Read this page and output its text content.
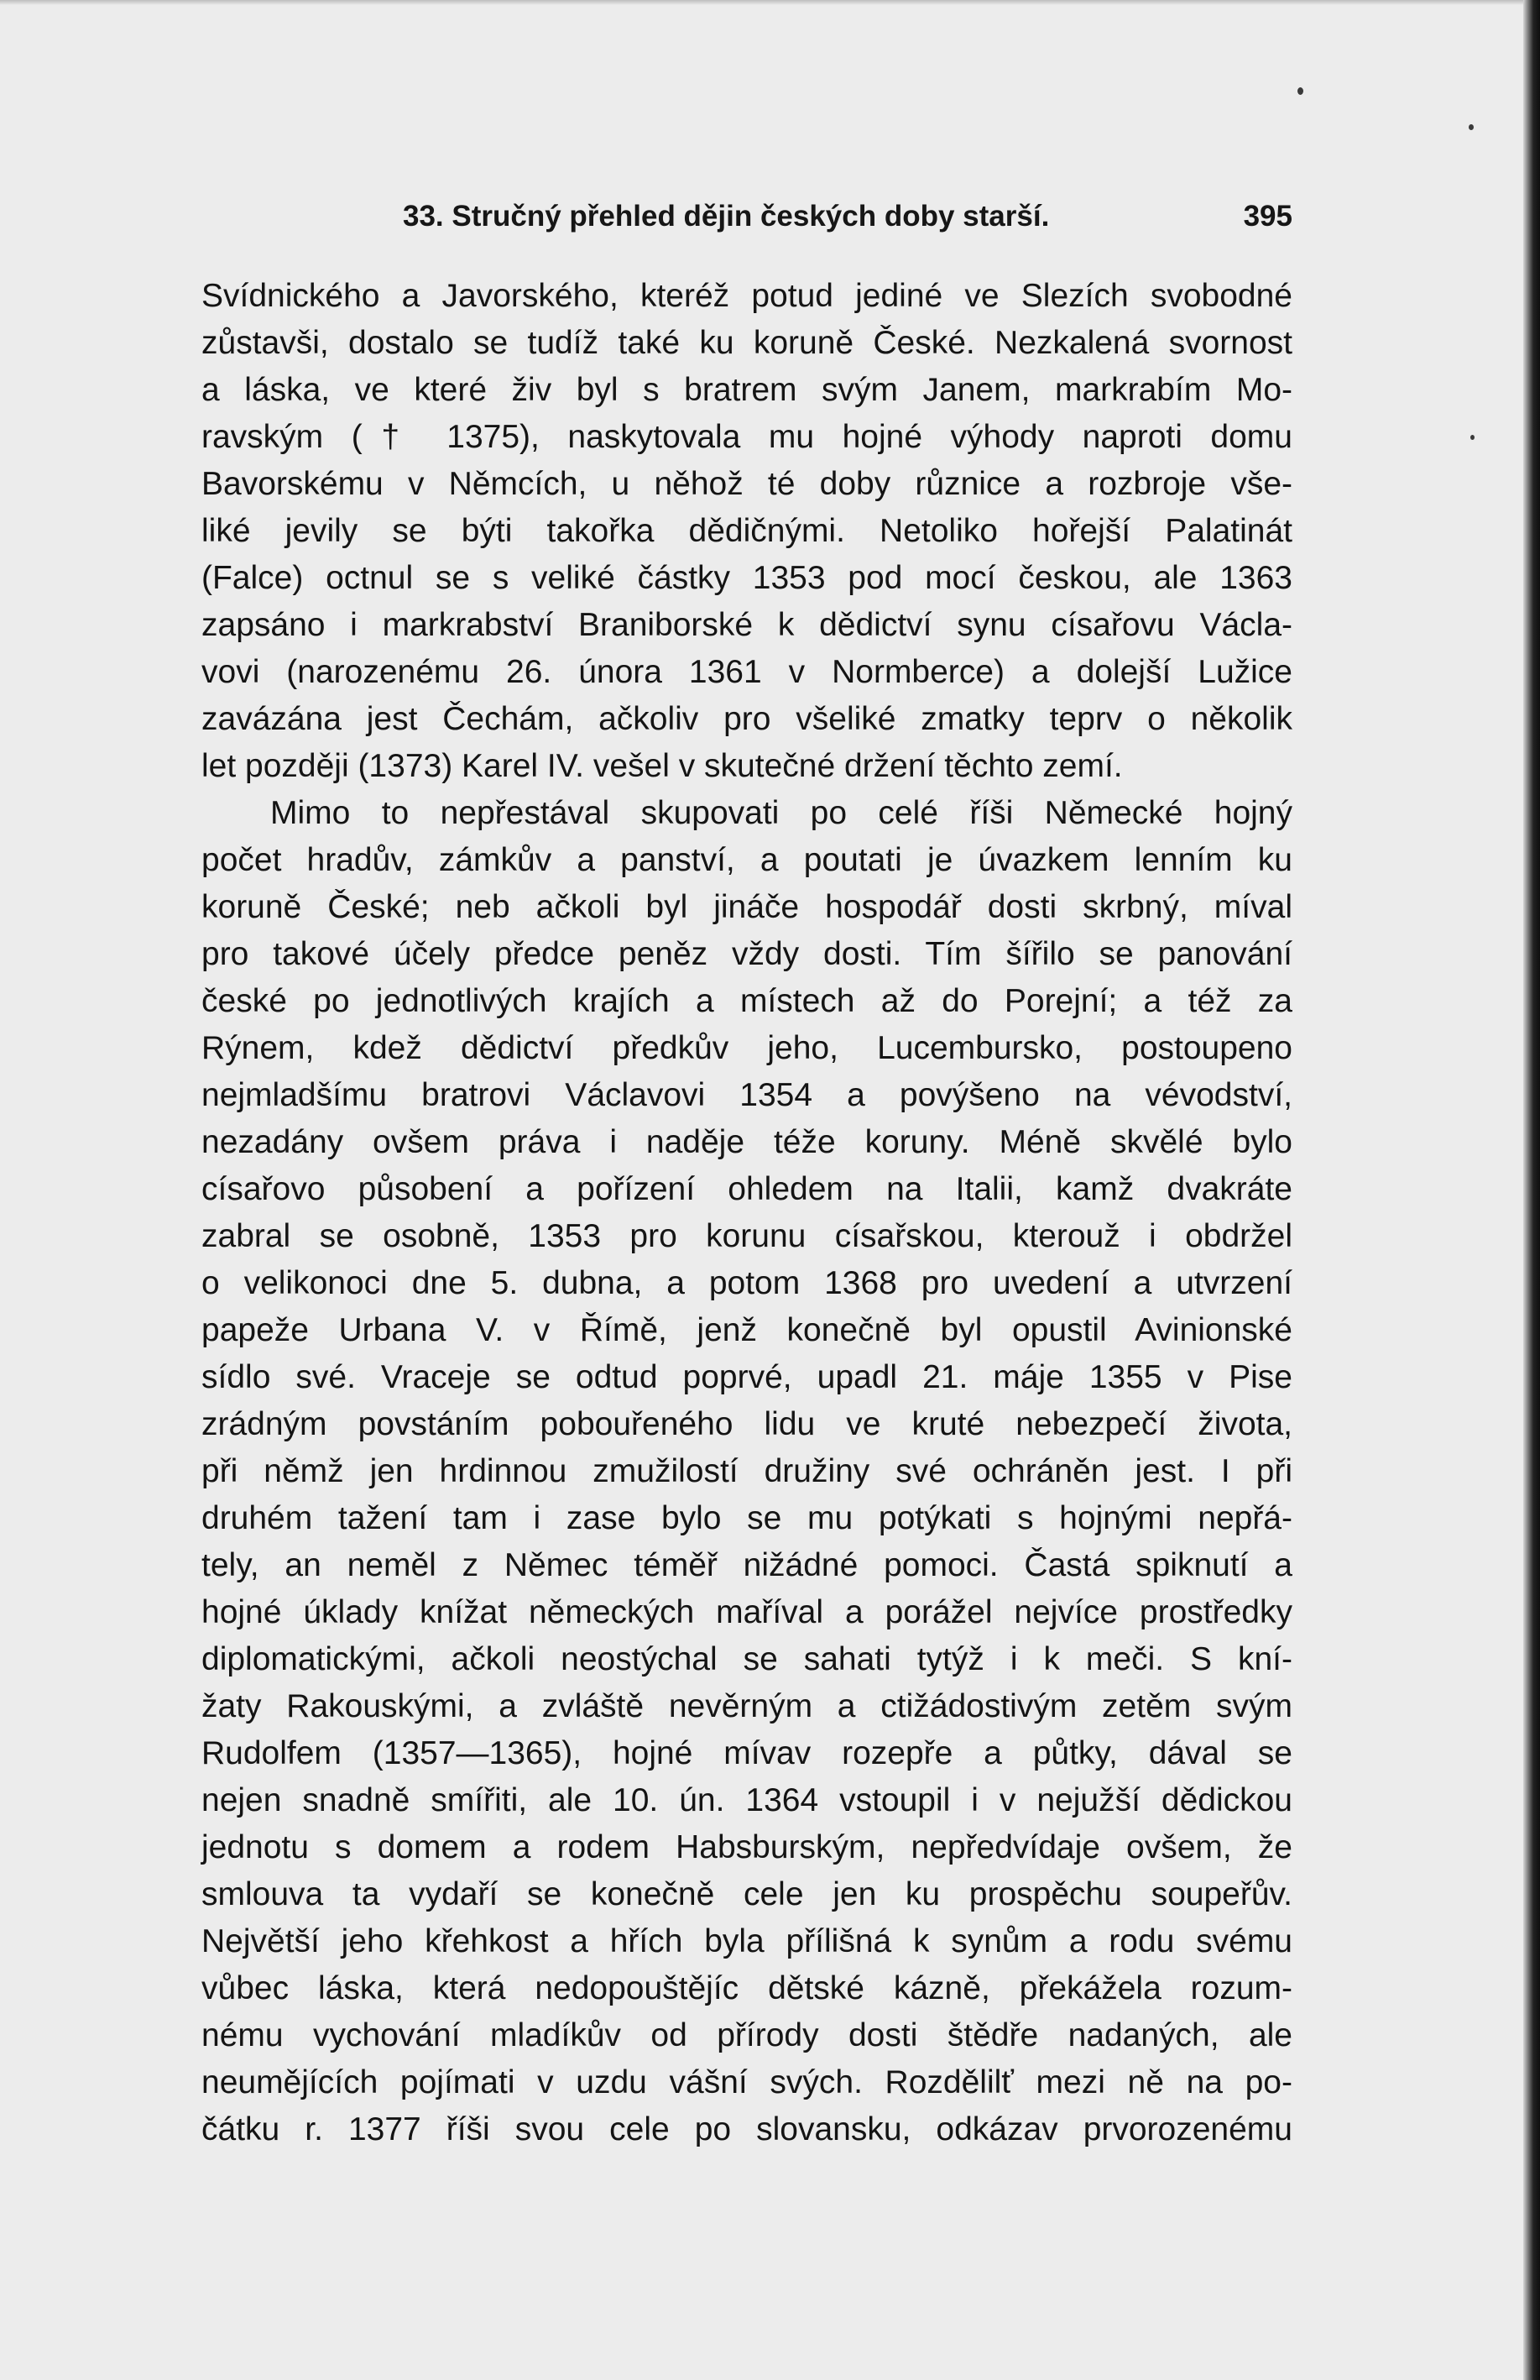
33. Stručný přehled dějin českých doby starší.	395
Svídnického a Javorského, kteréž potud jediné ve Slezích svobodné
zůstavši, dostalo se tudíž také ku koruně České. Nezkalená svornost
a láska, ve které živ byl s bratrem svým Janem, markrabím Mo-
ravským († 1375), naskytovala mu hojné výhody naproti domu
Bavorskému v Němcích, u něhož té doby různice a rozbroje vše-
liké jevily se býti takořka dědičnými. Netoliko hořejší Palatinát
(Falce) octnul se s veliké částky 1353 pod mocí českou, ale 1363
zapsáno i markrabství Braniborské k dědictví synu císařovu Václa-
vovi (narozenému 26. února 1361 v Normberce) a dolejší Lužice
zavázána jest Čechám, ačkoliv pro všeliké zmatky teprv o několik
let později (1373) Karel IV. vešel v skutečné držení těchto zemí.
Mimo to nepřestával skupovati po celé říši Německé hojný
počet hradův, zámkův a panství, a poutati je úvazkem lenním ku
koruně České; neb ačkoli byl jináče hospodář dosti skrbný, míval
pro takové účely předce peněz vždy dosti. Tím šířilo se panování
české po jednotlivých krajích a místech až do Porejní; a též za
Rýnem, kdež dědictví předkův jeho, Lucembursko, postoupeno
nejmladšímu bratrovi Václavovi 1354 a povýšeno na vévodství,
nezadány ovšem práva i naděje téže koruny. Méně skvělé bylo
císařovo působení a pořízení ohledem na Italii, kamž dvakráte
zabral se osobně, 1353 pro korunu císařskou, kterouž i obdržel
o velikonoci dne 5. dubna, a potom 1368 pro uvedení a utvrzení
papeže Urbana V. v Římě, jenž konečně byl opustil Avinionské
sídlo své. Vraceje se odtud poprvé, upadl 21. máje 1355 v Pise
zrádným povstáním pobouřeného lidu ve kruté nebezpečí života,
při němž jen hrdinnou zmužilostí družiny své ochráněn jest. I při
druhém tažení tam i zase bylo se mu potýkati s hojnými nepřá-
tely, an neměl z Němec téměř nižádné pomoci. Častá spiknutí a
hojné úklady knížat německých maříval a porážel nejvíce prostředky
diplomatickými, ačkoli neostýchal se sahati tytýž i k meči. S kní-
žaty Rakouskými, a zvláště nevěrným a ctižádostivým zetěm svým
Rudolfem (1357—1365), hojné mívav rozepře a půtky, dával se
nejen snadně smířiti, ale 10. ún. 1364 vstoupil i v nejužší dědickou
jednotu s domem a rodem Habsburským, nepředvídaje ovšem, že
smlouva ta vydaří se konečně cele jen ku prospěchu soupeřův.
Největší jeho křehkost a hřích byla přílišná k synům a rodu svému
vůbec láska, která nedopouštějíc dětské kázně, překážela rozum-
nému vychování mladíkův od přírody dosti štědře nadaných, ale
neumějících pojímati v uzdu vášní svých. Rozdělilť mezi ně na po-
čátku r. 1377 říši svou cele po slovansku, odkázav prvorozenému
